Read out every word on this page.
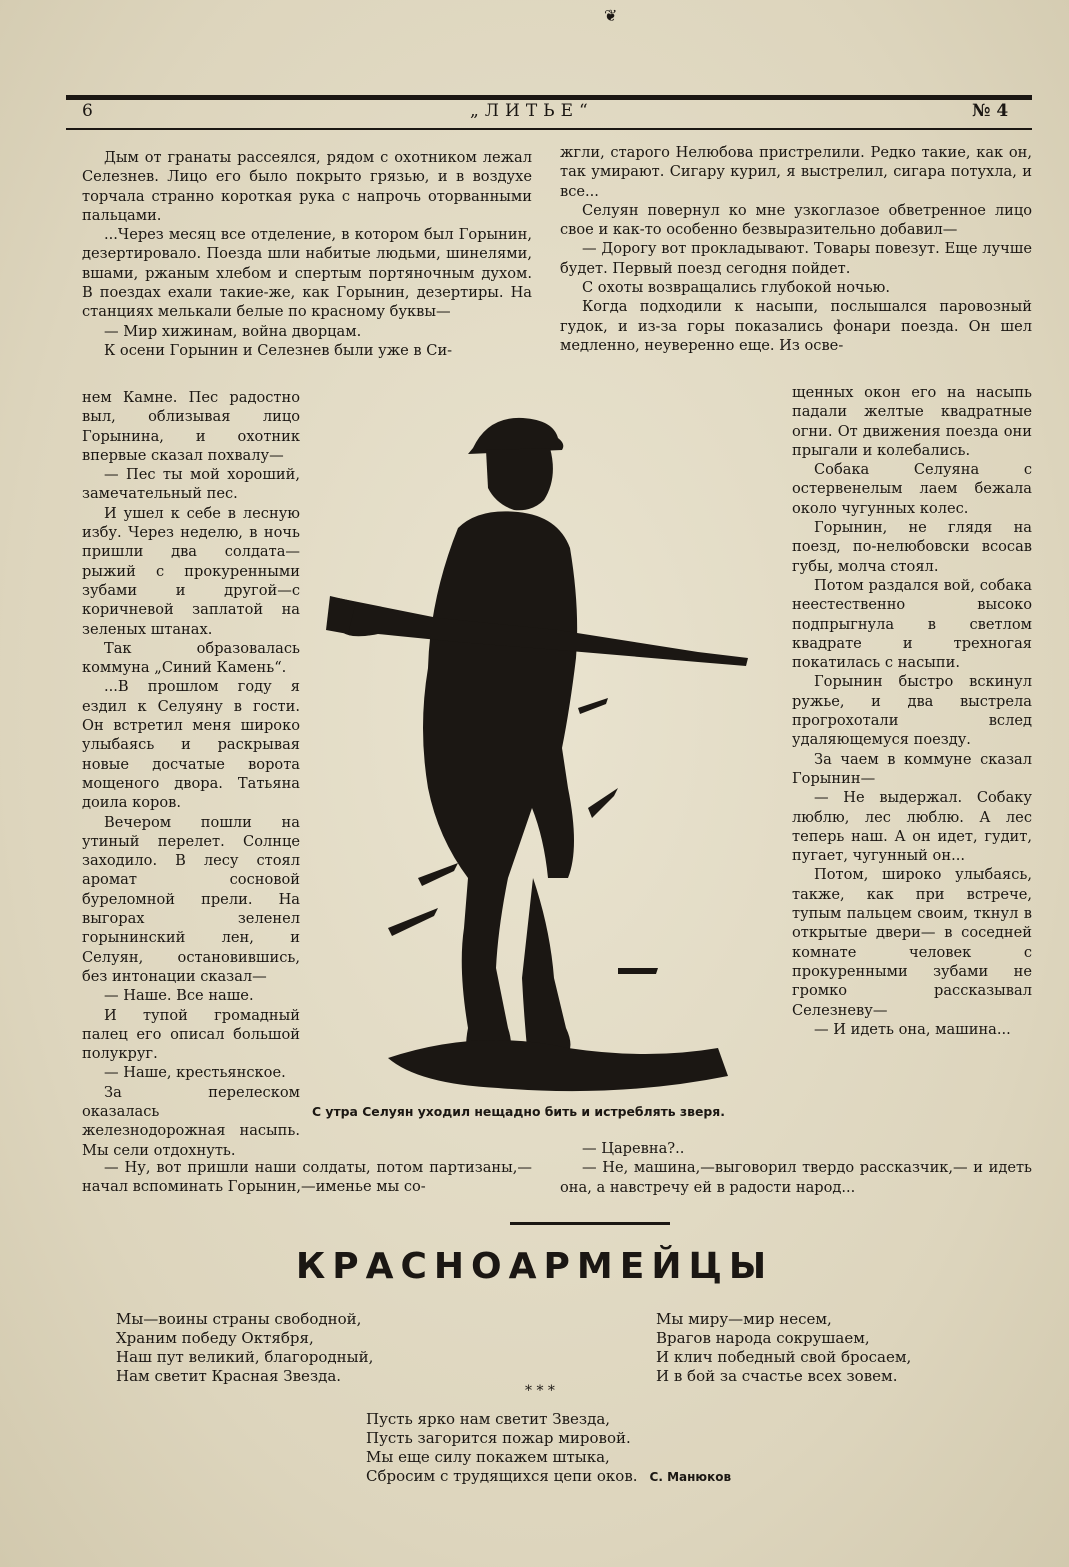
❦
6	„ЛИТЬЕ“	№ 4

Дым от гранаты рассеялся, рядом с охотником лежал Селезнев. Лицо его было покрыто грязью, и в воздухе торчала странно короткая рука с напрочь оторванными пальцами.

...Через месяц все отделение, в котором был Горынин, дезертировало. Поезда шли набитые людьми, шинелями, вшами, ржаным хлебом и спертым портяночным духом. В поездах ехали такие-же, как Горынин, дезертиры. На станциях мелькали белые по красному буквы—

— Мир хижинам, война дворцам.

К осени Горынин и Селезнев были уже в Си-

нем Камне. Пес радостно выл, облизывая лицо Горынина, и охотник впервые сказал похвалу—

— Пес ты мой хороший, замечательный пес.

И ушел к себе в лесную избу. Через неделю, в ночь пришли два солдата—рыжий с прокуренными зубами и другой—с коричневой заплатой на зеленых штанах.

Так образовалась коммуна „Синий Камень“.

...В прошлом году я ездил к Селуяну в гости. Он встретил меня широко улыбаясь и раскрывая новые досчатые ворота мощеного двора. Татьяна доила коров.

Вечером пошли на утиный перелет. Солнце заходило. В лесу стоял аромат сосновой буреломной прели. На выгорах зеленел горынинский лен, и Селуян, остановившись, без интонации сказал—

— Наше. Все наше.

И тупой громадный палец его описал большой полукруг.

— Наше, крестьянское.

За перелеском оказалась железнодорожная насыпь. Мы сели отдохнуть.

— Ну, вот пришли наши солдаты, потом партизаны,—начал вспоминать Горынин,—именье мы со-

жгли, старого Нелюбова пристрелили. Редко такие, как он, так умирают. Сигару курил, я выстрелил, сигара потухла, и все...

Селуян повернул ко мне узкоглазое обветренное лицо свое и как-то особенно безвыразительно добавил—

— Дорогу вот прокладывают. Товары повезут. Еще лучше будет. Первый поезд сегодня пойдет.

С охоты возвращались глубокой ночью.

Когда подходили к насыпи, послышался паровозный гудок, и из-за горы показались фонари поезда. Он шел медленно, неуверенно еще. Из осве-

щенных окон его на насыпь падали желтые квадратные огни. От движения поезда они прыгали и колебались.

Собака Селуяна с остервенелым лаем бежала около чугунных колес.

Горынин, не глядя на поезд, по-нелюбовски всосав губы, молча стоял.

Потом раздался вой, собака неестественно высоко подпрыгнула в светлом квадрате и трехногая покатилась с насыпи.

Горынин быстро вскинул ружье, и два выстрела прогрохотали вслед удаляющемуся поезду.

За чаем в коммуне сказал Горынин—

— Не выдержал. Собаку люблю, лес люблю. А лес теперь наш. А он идет, гудит, пугает, чугунный он...

Потом, широко улыбаясь, также, как при встрече, тупым пальцем своим, ткнул в открытые двери— в соседней комнате человек с прокуренными зубами не громко рассказывал Селезневу—

— И идеть она, машина...

— Царевна?..

— Не, машина,—выговорил твердо рассказчик,— и идеть она, а навстречу ей в радости народ...

С утра Селуян уходил нещадно бить и истреблять зверя.
КРАСНОАРМЕЙЦЫ
Мы—воины страны свободной,
Храним победу Октября,
Наш пут великий, благородный,
Нам светит Красная Звезда.
Мы миру—мир несем,
Врагов народа сокрушаем,
И клич победный свой бросаем,
И в бой за счастье всех зовем.
* * *
Пусть ярко нам светит Звезда,
Пусть загорится пожар мировой.
Мы еще силу покажем штыка,
Сбросим с трудящихся цепи оков. С. Манюков
